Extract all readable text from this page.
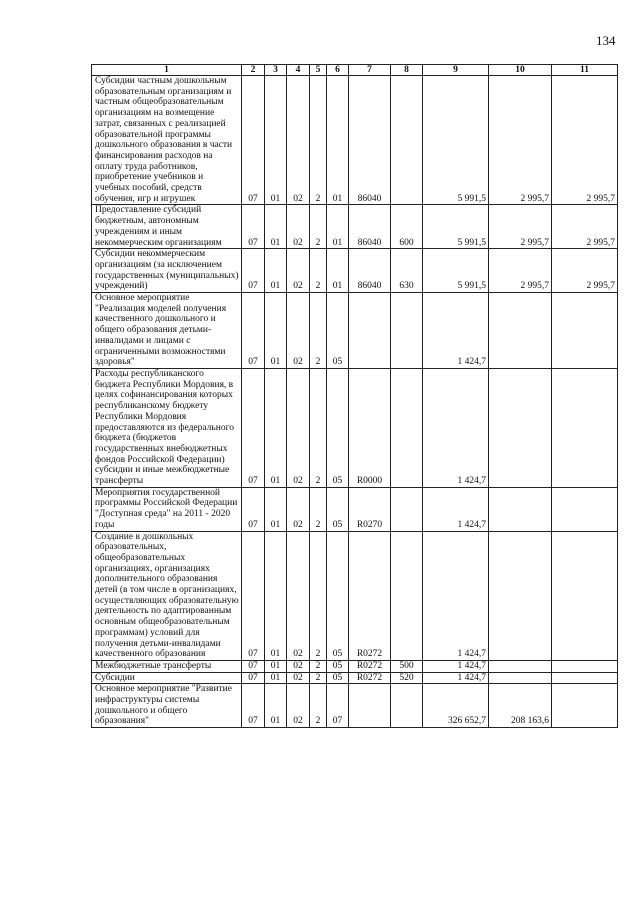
134
1	2	3	4	5	6	7	8	9	10	11
Субсидии частным дошкольным образовательным организациям и частным общеобразовательным организациям на возмещение затрат, связанных с реализацией образовательной программы дошкольного образования в части финансирования расходов на оплату труда работников, приобретение учебников и учебных пособий, средств обучения, игр и игрушек	07	01	02	2	01	86040		5 991,5	2 995,7	2 995,7
Предоставление субсидий бюджетным, автономным учреждениям и иным некоммерческим организациям	07	01	02	2	01	86040	600	5 991,5	2 995,7	2 995,7
Субсидии некоммерческим организациям (за исключением государственных (муниципальных) учреждений)	07	01	02	2	01	86040	630	5 991,5	2 995,7	2 995,7
Основное мероприятие "Реализация моделей получения качественного дошкольного и общего образования детьми-инвалидами и лицами с ограниченными возможностями здоровья"	07	01	02	2	05			1 424,7		
Расходы республиканского бюджета Республики Мордовия, в целях софинансирования которых республиканскому бюджету Республики Мордовия предоставляются из федерального бюджета (бюджетов государственных внебюджетных фондов Российской Федерации) субсидии и иные межбюджетные трансферты	07	01	02	2	05	R0000		1 424,7		
Мероприятия государственной программы Российской Федерации "Доступная среда" на 2011 - 2020 годы	07	01	02	2	05	R0270		1 424,7		
Создание в дошкольных образовательных, общеобразовательных организациях, организациях дополнительного образования детей (в том числе в организациях, осуществляющих образовательную деятельность по адаптированным основным общеобразовательным программам) условий для получения детьми-инвалидами качественного образования	07	01	02	2	05	R0272		1 424,7		
Межбюджетные трансферты	07	01	02	2	05	R0272	500	1 424,7		
Субсидии	07	01	02	2	05	R0272	520	1 424,7		
Основное мероприятие "Развитие инфраструктуры системы дошкольного и общего образования"	07	01	02	2	07			326 652,7	208 163,6	
